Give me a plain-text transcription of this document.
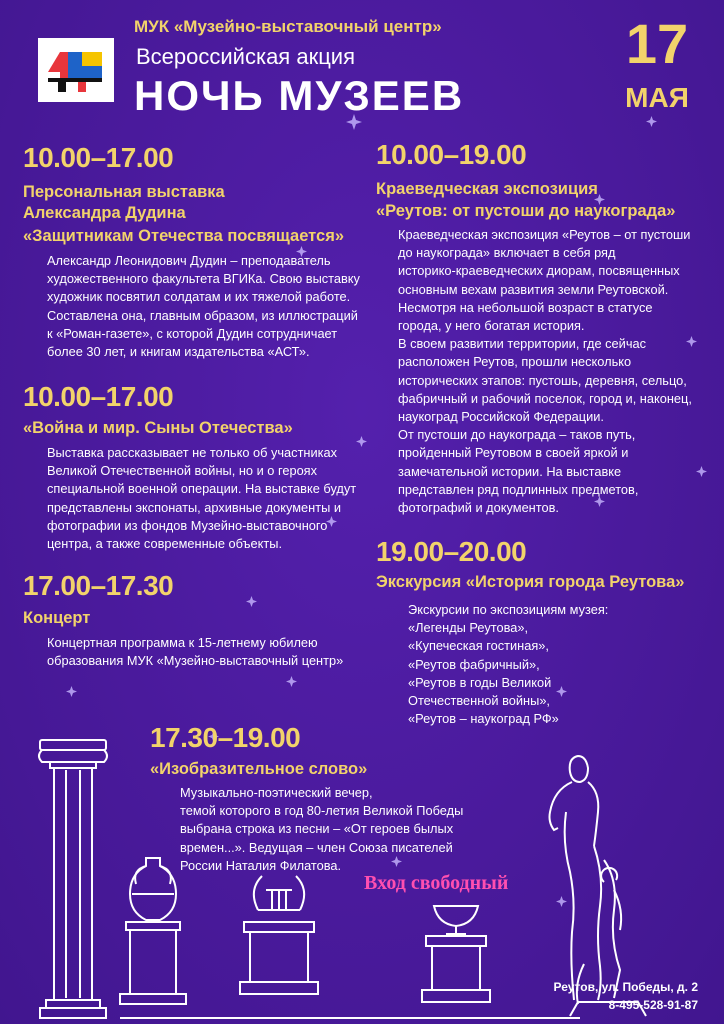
МУК «Музейно-выставочный центр»
Всероссийская акция
НОЧЬ МУЗЕЕВ
17
МАЯ
10.00–17.00
Персональная выставка
Александра Дудина
«Защитникам Отечества посвящается»
Александр Леонидович Дудин – преподаватель
художественного факультета ВГИКа. Свою выставку
художник посвятил солдатам и их тяжелой работе.
Составлена она, главным образом, из иллюстраций
к «Роман-газете», с которой Дудин сотрудничает
более 30 лет, и книгам издательства «АСТ».
10.00–17.00
«Война и мир. Сыны Отечества»
Выставка рассказывает не только об участниках
Великой Отечественной войны, но и о героях
специальной военной операции. На выставке будут
представлены экспонаты, архивные документы и
фотографии из фондов Музейно-выставочного
центра, а также современные объекты.
17.00–17.30
Концерт
Концертная программа к 15-летнему юбилею
образования МУК «Музейно-выставочный центр»
17.30–19.00
«Изобразительное слово»
Музыкально-поэтический вечер,
темой которого в год 80-летия Великой Победы
выбрана строка из песни – «От героев былых
времен...». Ведущая – член Союза писателей
России Наталия Филатова.
10.00–19.00
Краеведческая экспозиция
«Реутов: от пустоши до наукограда»
Краеведческая экспозиция «Реутов – от пустоши
до наукограда» включает в себя ряд
историко-краеведческих диорам, посвященных
основным вехам развития земли Реутовской.
Несмотря на небольшой возраст в статусе
города, у него богатая история.
В своем развитии территории, где сейчас
расположен Реутов, прошли несколько
исторических этапов: пустошь, деревня, сельцо,
фабричный и рабочий поселок, город и, наконец,
наукоград Российской Федерации.
От пустоши до наукограда – таков путь,
пройденный Реутовом в своей яркой и
замечательной истории. На выставке
представлен ряд подлинных предметов,
фотографий и документов.
19.00–20.00
Экскурсия «История города Реутова»
Экскурсии по экспозициям музея:
«Легенды Реутова»,
«Купеческая гостиная»,
«Реутов фабричный»,
«Реутов в годы Великой
Отечественной войны»,
«Реутов – наукоград РФ»
Вход свободный
Реутов, ул. Победы, д. 2
8-495-528-91-87
